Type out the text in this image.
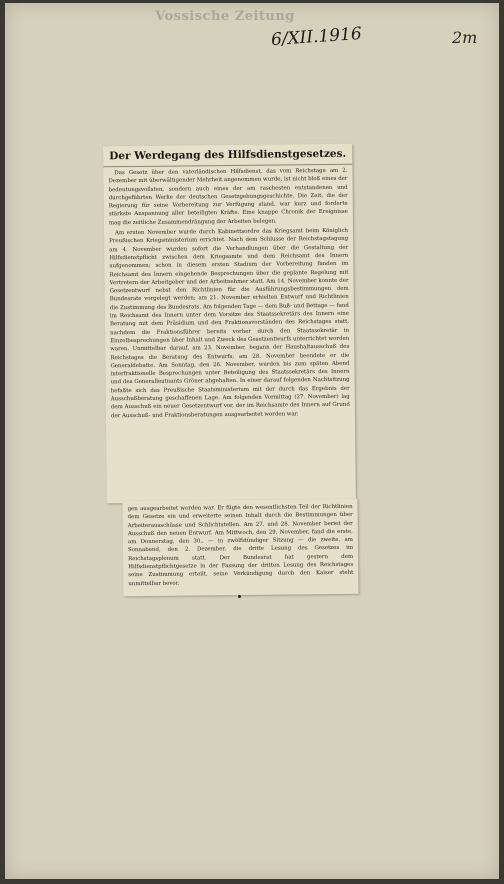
Vossische Zeitung
6/XII.1916	2m
Der Werdegang des Hilfsdienstgesetzes.

Das Gesetz über den vaterländischen Hilfsdienst, das vom Reichstage am 2. Dezember mit überwältigender Mehrheit angenommen wurde, ist nicht bloß eines der bedeutungsvollsten, sondern auch eines der am raschesten entstandenen und durchgeführten Werke der deutschen Gesetzgebungsgeschichte. Die Zeit, die der Regierung für seine Vorbereitung zur Verfügung stand, war kurz und forderte stärkste Anspannung aller beteiligten Kräfte. Eine knappe Chronik der Ereignisse mag die zeitliche Zusammendrängung der Arbeiten belegen.

Am ersten November wurde durch Kabinettsordre das Kriegsamt beim Königlich Preußischen Kriegsministerium errichtet. Nach dem Schlusse der Reichstagstagung am 4. November wurden sofort die Verhandlungen über die Gestaltung der Hilfsdienstpflicht zwischen dem Kriegsamte und dem Reichsamt des Innern aufgenommen; schon in diesem ersten Stadium der Vorbereitung fanden im Reichsamt des Innern eingehende Besprechungen über die geplante Regelung mit Vertretern der Arbeitgeber und der Arbeitnehmer statt. Am 14. November konnte der Gesetzentwurf nebst den Richtlinien für die Ausführungsbestimmungen dem Bundesrate vorgelegt werden; am 21. November erhielten Entwurf und Richtlinien die Zustimmung des Bundesrats. Am folgenden Tage — dem Buß- und Bettage — fand im Reichsamt des Innern unter dem Vorsitze des Staatssekretärs des Innern eine Beratung mit dem Präsidium und den Fraktionsvorständen des Reichstages statt, nachdem die Fraktionsführer bereits vorher durch den Staatssekretär in Einzelbesprechungen über Inhalt und Zweck des Gesetzentwurfs unterrichtet worden waren. Unmittelbar darauf, am 23. November, begann der Haushaltausschuß des Reichstages die Beratung des Entwurfs; am 28. November beendete er die Generaldebatte. Am Sonntag, den 26. November, wurden bis zum späten Abend interfraktionelle Besprechungen unter Beteiligung des Staatssekretärs des Innern und des Generalleutnants Gröner abgehalten. In einer darauf folgenden Nachtsitzung befaßte sich das Preußische Staatsministerium mit der durch das Ergebnis der Ausschußberatung geschaffenen Lage. Am folgenden Vormittag (27. November) lag dem Ausschuß ein neuer Gesetzentwurf vor, der im Reichsamte des Innern auf Grund der Ausschuß- und Fraktionsberatungen ausgearbeitet worden war.

gen ausgearbeitet worden war. Er fügte den wesentlichsten Teil der Richtlinien dem Gesetze ein und erweiterte seinen Inhalt durch die Bestimmungen über Arbeiterausschüsse und Schlichtstellen. Am 27. und 28. November beriet der Ausschuß den neuen Entwurf. Am Mittwoch, den 29. November, fand die erste, am Donnerstag, den 30., — in zwölfstündiger Sitzung — die zweite, am Sonnabend, den 2. Dezember, die dritte Lesung des Gesetzes im Reichstagsplenum statt. Der Bundesrat hat gestern dem Hilfsdienstpflichtgesetze in der Fassung der dritten Lesung des Reichstages seine Zustimmung erteilt, seine Verkündigung durch den Kaiser steht unmittelbar bevor.
